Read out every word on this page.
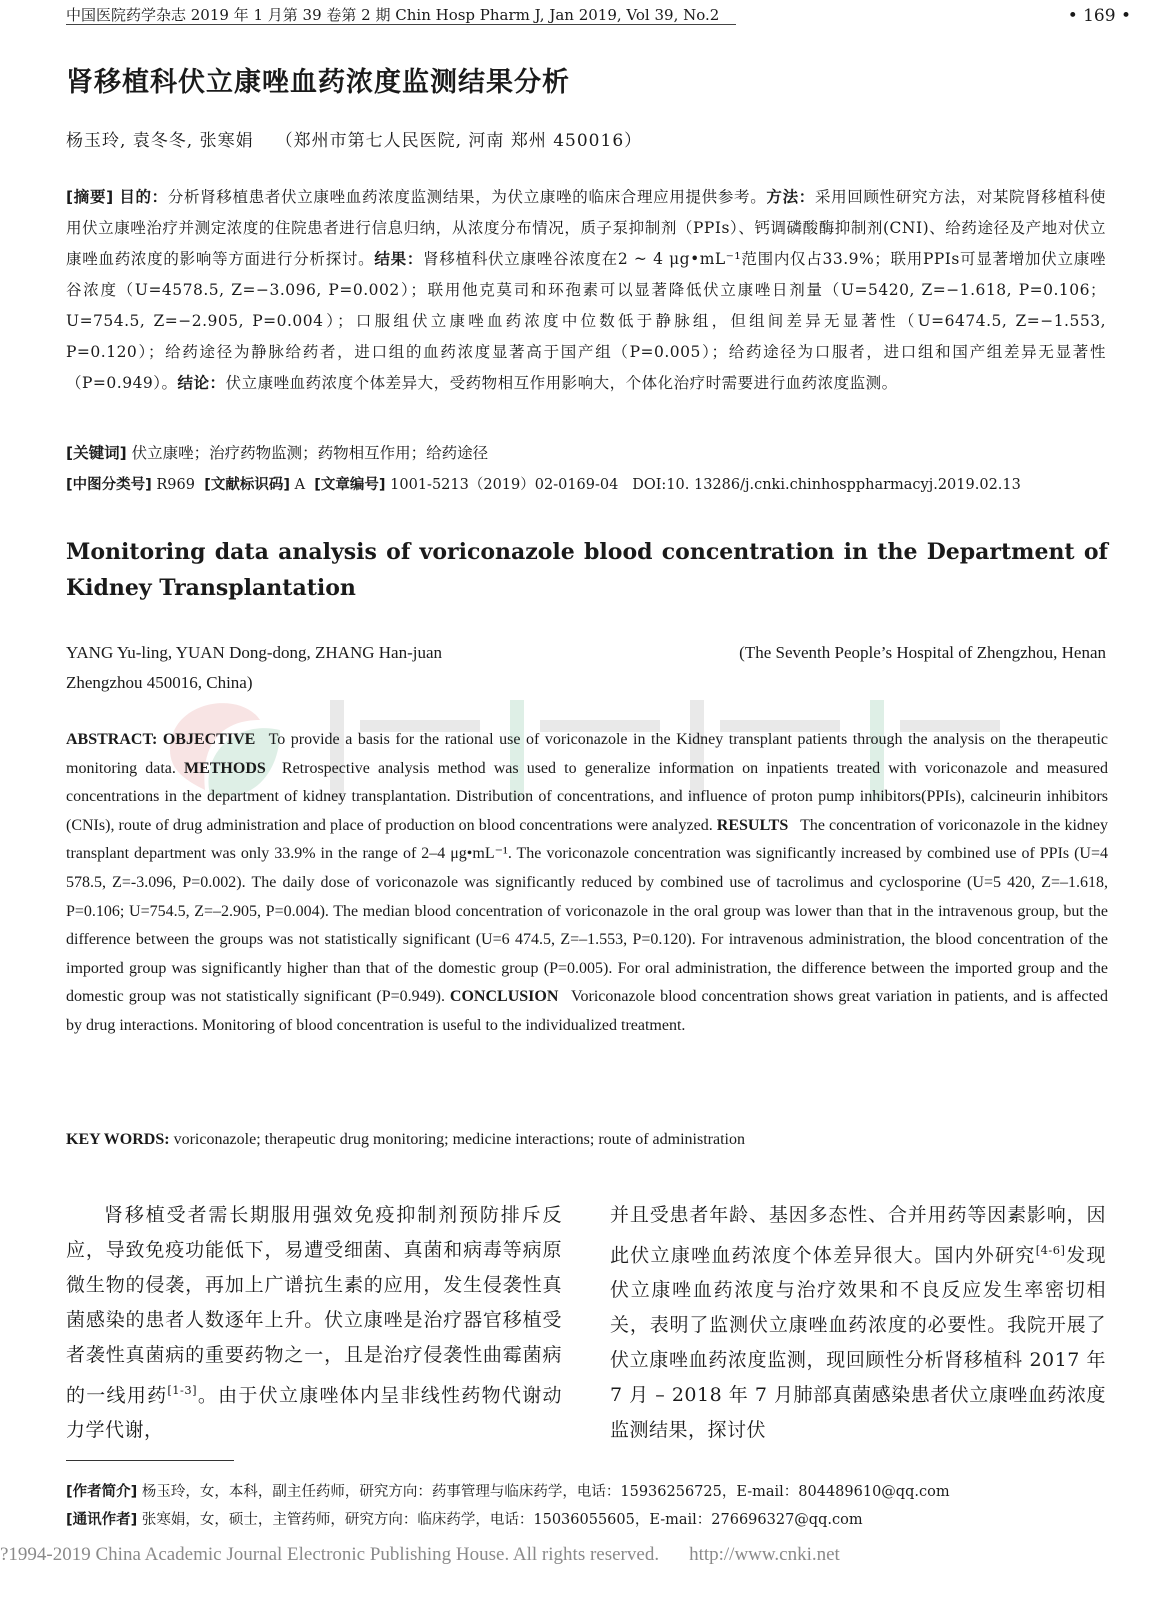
中国医院药学杂志 2019 年 1 月第 39 卷第 2 期 Chin Hosp Pharm J, Jan 2019, Vol 39, No.2	• 169 •
肾移植科伏立康唑血药浓度监测结果分析
杨玉玲, 袁冬冬, 张寒娟 （郑州市第七人民医院, 河南 郑州 450016）
[摘要] 目的：分析肾移植患者伏立康唑血药浓度监测结果，为伏立康唑的临床合理应用提供参考。方法：采用回顾性研究方法，对某院肾移植科使用伏立康唑治疗并测定浓度的住院患者进行信息归纳，从浓度分布情况，质子泵抑制剂（PPIs）、钙调磷酸酶抑制剂(CNI)、给药途径及产地对伏立康唑血药浓度的影响等方面进行分析探讨。结果：肾移植科伏立康唑谷浓度在2 ~ 4 μg•mL⁻¹范围内仅占33.9%；联用PPIs可显著增加伏立康唑谷浓度（U=4578.5, Z=−3.096, P=0.002）；联用他克莫司和环孢素可以显著降低伏立康唑日剂量（U=5420, Z=−1.618, P=0.106；U=754.5, Z=−2.905, P=0.004）；口服组伏立康唑血药浓度中位数低于静脉组，但组间差异无显著性（U=6474.5, Z=−1.553, P=0.120）；给药途径为静脉给药者，进口组的血药浓度显著高于国产组（P=0.005）；给药途径为口服者，进口组和国产组差异无显著性（P=0.949）。结论：伏立康唑血药浓度个体差异大，受药物相互作用影响大，个体化治疗时需要进行血药浓度监测。
[关键词] 伏立康唑；治疗药物监测；药物相互作用；给药途径
[中图分类号] R969 [文献标识码] A [文章编号] 1001-5213（2019）02-0169-04 DOI:10. 13286/j.cnki.chinhosppharmacyj.2019.02.13
Monitoring data analysis of voriconazole blood concentration in the Department of Kidney Transplantation
YANG Yu-ling, YUAN Dong-dong, ZHANG Han-juan	(The Seventh People’s Hospital of Zhengzhou, Henan

Zhengzhou 450016, China)
ABSTRACT: OBJECTIVE To provide a basis for the rational use of voriconazole in the Kidney transplant patients through the analysis on the therapeutic monitoring data. METHODS Retrospective analysis method was used to generalize information on inpatients treated with voriconazole and measured concentrations in the department of kidney transplantation. Distribution of concentrations, and influence of proton pump inhibitors(PPIs), calcineurin inhibitors (CNIs), route of drug administration and place of production on blood concentrations were analyzed. RESULTS The concentration of voriconazole in the kidney transplant department was only 33.9% in the range of 2–4 μg•mL⁻¹. The voriconazole concentration was significantly increased by combined use of PPIs (U=4 578.5, Z=-3.096, P=0.002). The daily dose of voriconazole was significantly reduced by combined use of tacrolimus and cyclosporine (U=5 420, Z=–1.618, P=0.106; U=754.5, Z=–2.905, P=0.004). The median blood concentration of voriconazole in the oral group was lower than that in the intravenous group, but the difference between the groups was not statistically significant (U=6 474.5, Z=–1.553, P=0.120). For intravenous administration, the blood concentration of the imported group was significantly higher than that of the domestic group (P=0.005). For oral administration, the difference between the imported group and the domestic group was not statistically significant (P=0.949). CONCLUSION Voriconazole blood concentration shows great variation in patients, and is affected by drug interactions. Monitoring of blood concentration is useful to the individualized treatment.
KEY WORDS: voriconazole; therapeutic drug monitoring; medicine interactions; route of administration
肾移植受者需长期服用强效免疫抑制剂预防排斥反应，导致免疫功能低下，易遭受细菌、真菌和病毒等病原微生物的侵袭，再加上广谱抗生素的应用，发生侵袭性真菌感染的患者人数逐年上升。伏立康唑是治疗器官移植受者袭性真菌病的重要药物之一，且是治疗侵袭性曲霉菌病的一线用药[1-3]。由于伏立康唑体内呈非线性药物代谢动力学代谢，
并且受患者年龄、基因多态性、合并用药等因素影响，因此伏立康唑血药浓度个体差异很大。国内外研究[4-6]发现伏立康唑血药浓度与治疗效果和不良反应发生率密切相关，表明了监测伏立康唑血药浓度的必要性。我院开展了伏立康唑血药浓度监测，现回顾性分析肾移植科 2017 年 7 月 – 2018 年 7 月肺部真菌感染患者伏立康唑血药浓度监测结果，探讨伏
[作者简介] 杨玉玲，女，本科，副主任药师，研究方向：药事管理与临床药学，电话：15936256725，E-mail：804489610@qq.com
[通讯作者] 张寒娟，女，硕士，主管药师，研究方向：临床药学，电话：15036055605，E-mail：276696327@qq.com
?1994-2019 China Academic Journal Electronic Publishing House. All rights reserved. http://www.cnki.net
